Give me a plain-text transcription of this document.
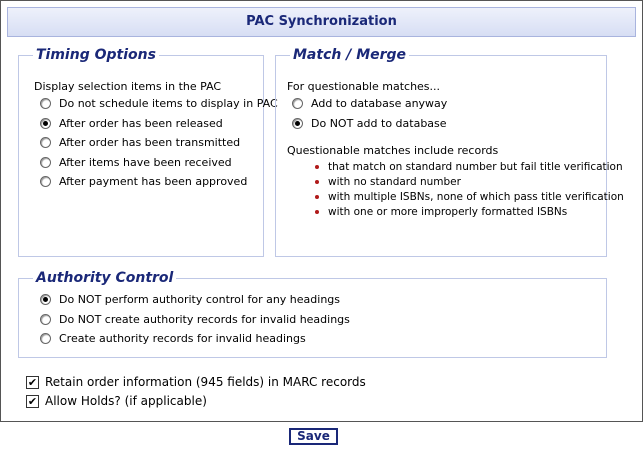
PAC Synchronization
Timing Options
Display selection items in the PAC
Do not schedule items to display in PAC
After order has been released
After order has been transmitted
After items have been received
After payment has been approved
Match / Merge
For questionable matches...
Add to database anyway
Do NOT add to database
Questionable matches include records
that match on standard number but fail title verification
with no standard number
with multiple ISBNs, none of which pass title verification
with one or more improperly formatted ISBNs
Authority Control
Do NOT perform authority control for any headings
Do NOT create authority records for invalid headings
Create authority records for invalid headings
✔ Retain order information (945 fields) in MARC records
✔ Allow Holds? (if applicable)
Save
